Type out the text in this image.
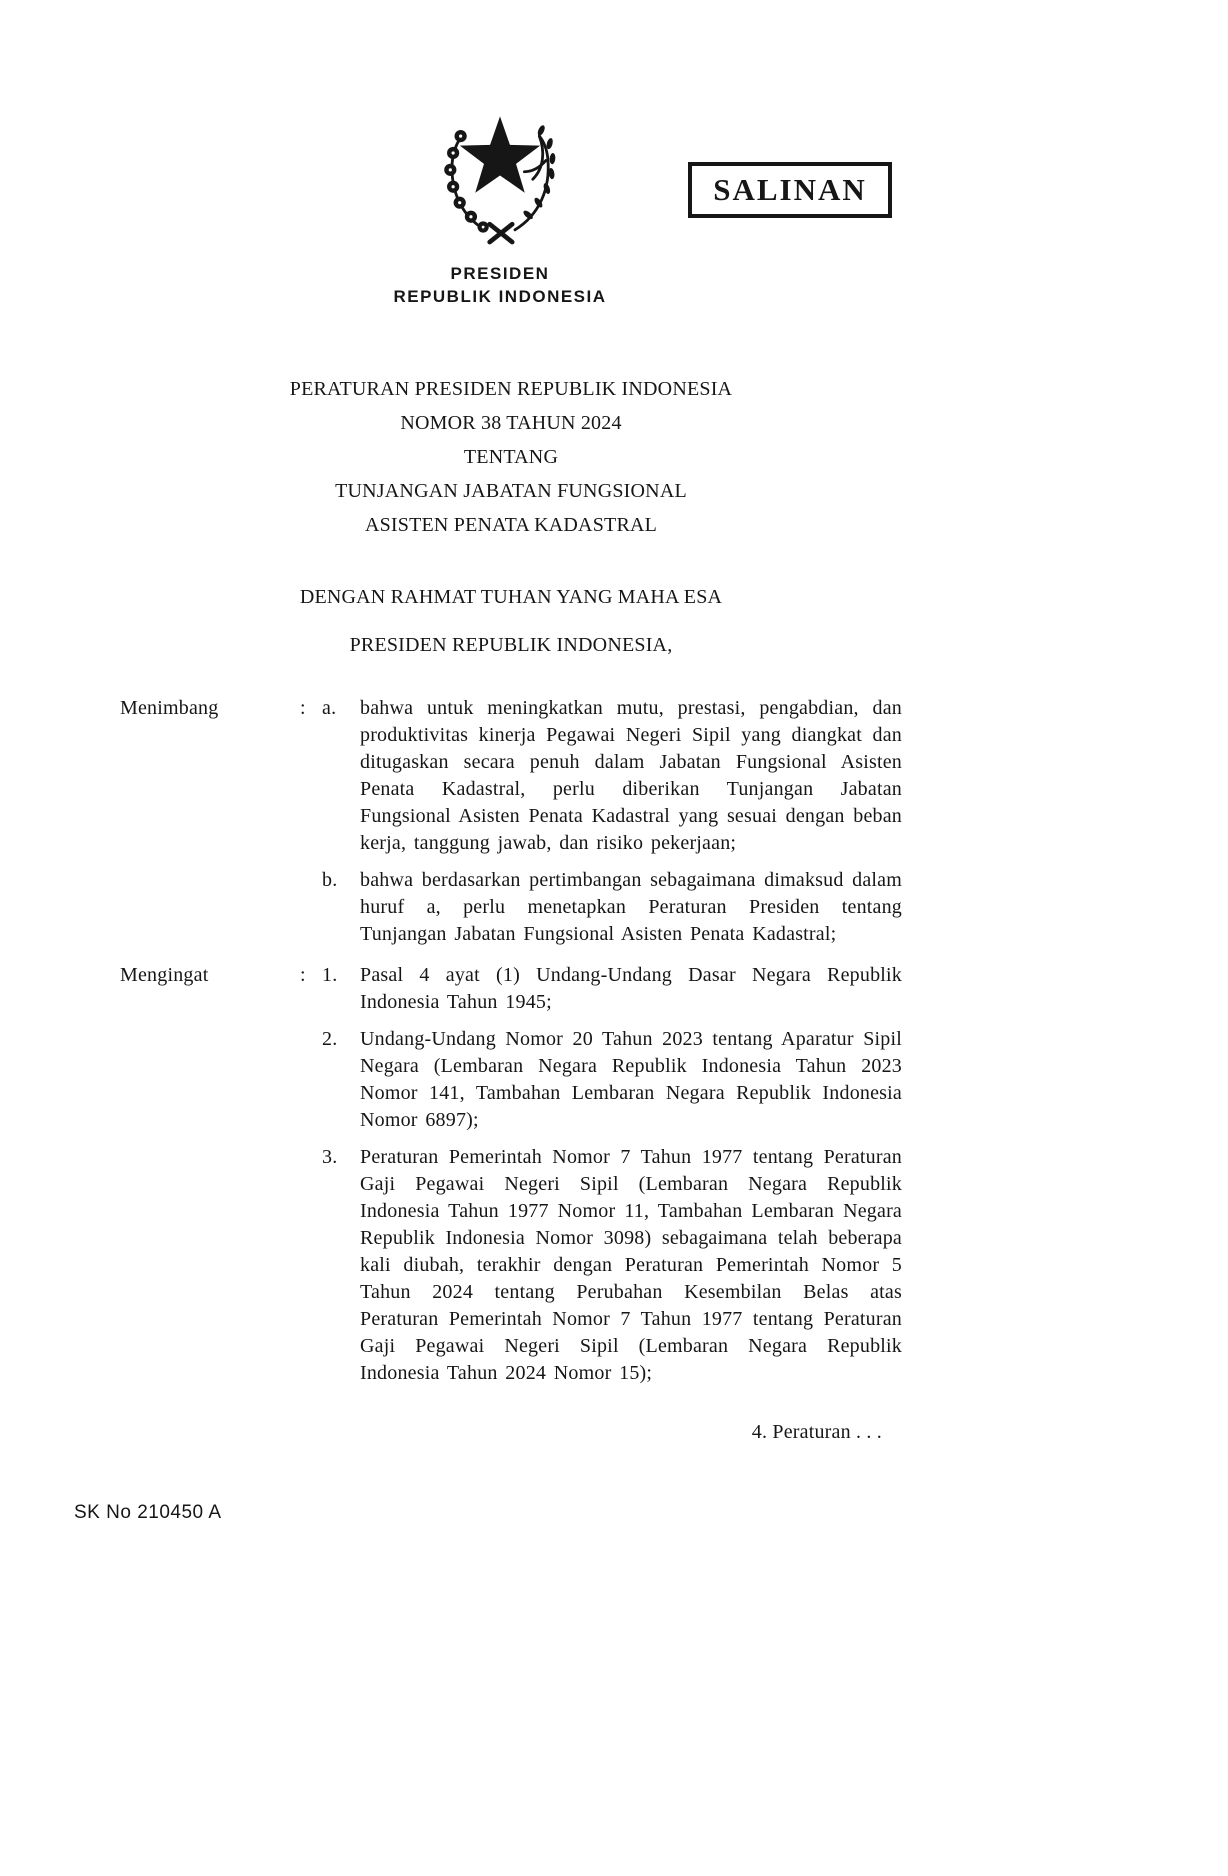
SALINAN
PRESIDEN
REPUBLIK INDONESIA
PERATURAN PRESIDEN REPUBLIK INDONESIA
NOMOR 38 TAHUN 2024
TENTANG
TUNJANGAN JABATAN FUNGSIONAL
ASISTEN PENATA KADASTRAL
DENGAN RAHMAT TUHAN YANG MAHA ESA
PRESIDEN REPUBLIK INDONESIA,
Menimbang	: a.	bahwa untuk meningkatkan mutu, prestasi, pengabdian, dan produktivitas kinerja Pegawai Negeri Sipil yang diangkat dan ditugaskan secara penuh dalam Jabatan Fungsional Asisten Penata Kadastral, perlu diberikan Tunjangan Jabatan Fungsional Asisten Penata Kadastral yang sesuai dengan beban kerja, tanggung jawab, dan risiko pekerjaan;
b.	bahwa berdasarkan pertimbangan sebagaimana dimaksud dalam huruf a, perlu menetapkan Peraturan Presiden tentang Tunjangan Jabatan Fungsional Asisten Penata Kadastral;
Mengingat	: 1.	Pasal 4 ayat (1) Undang-Undang Dasar Negara Republik Indonesia Tahun 1945;
2.	Undang-Undang Nomor 20 Tahun 2023 tentang Aparatur Sipil Negara (Lembaran Negara Republik Indonesia Tahun 2023 Nomor 141, Tambahan Lembaran Negara Republik Indonesia Nomor 6897);
3.	Peraturan Pemerintah Nomor 7 Tahun 1977 tentang Peraturan Gaji Pegawai Negeri Sipil (Lembaran Negara Republik Indonesia Tahun 1977 Nomor 11, Tambahan Lembaran Negara Republik Indonesia Nomor 3098) sebagaimana telah beberapa kali diubah, terakhir dengan Peraturan Pemerintah Nomor 5 Tahun 2024 tentang Perubahan Kesembilan Belas atas Peraturan Pemerintah Nomor 7 Tahun 1977 tentang Peraturan Gaji Pegawai Negeri Sipil (Lembaran Negara Republik Indonesia Tahun 2024 Nomor 15);
4. Peraturan . . .
SK No 210450 A
